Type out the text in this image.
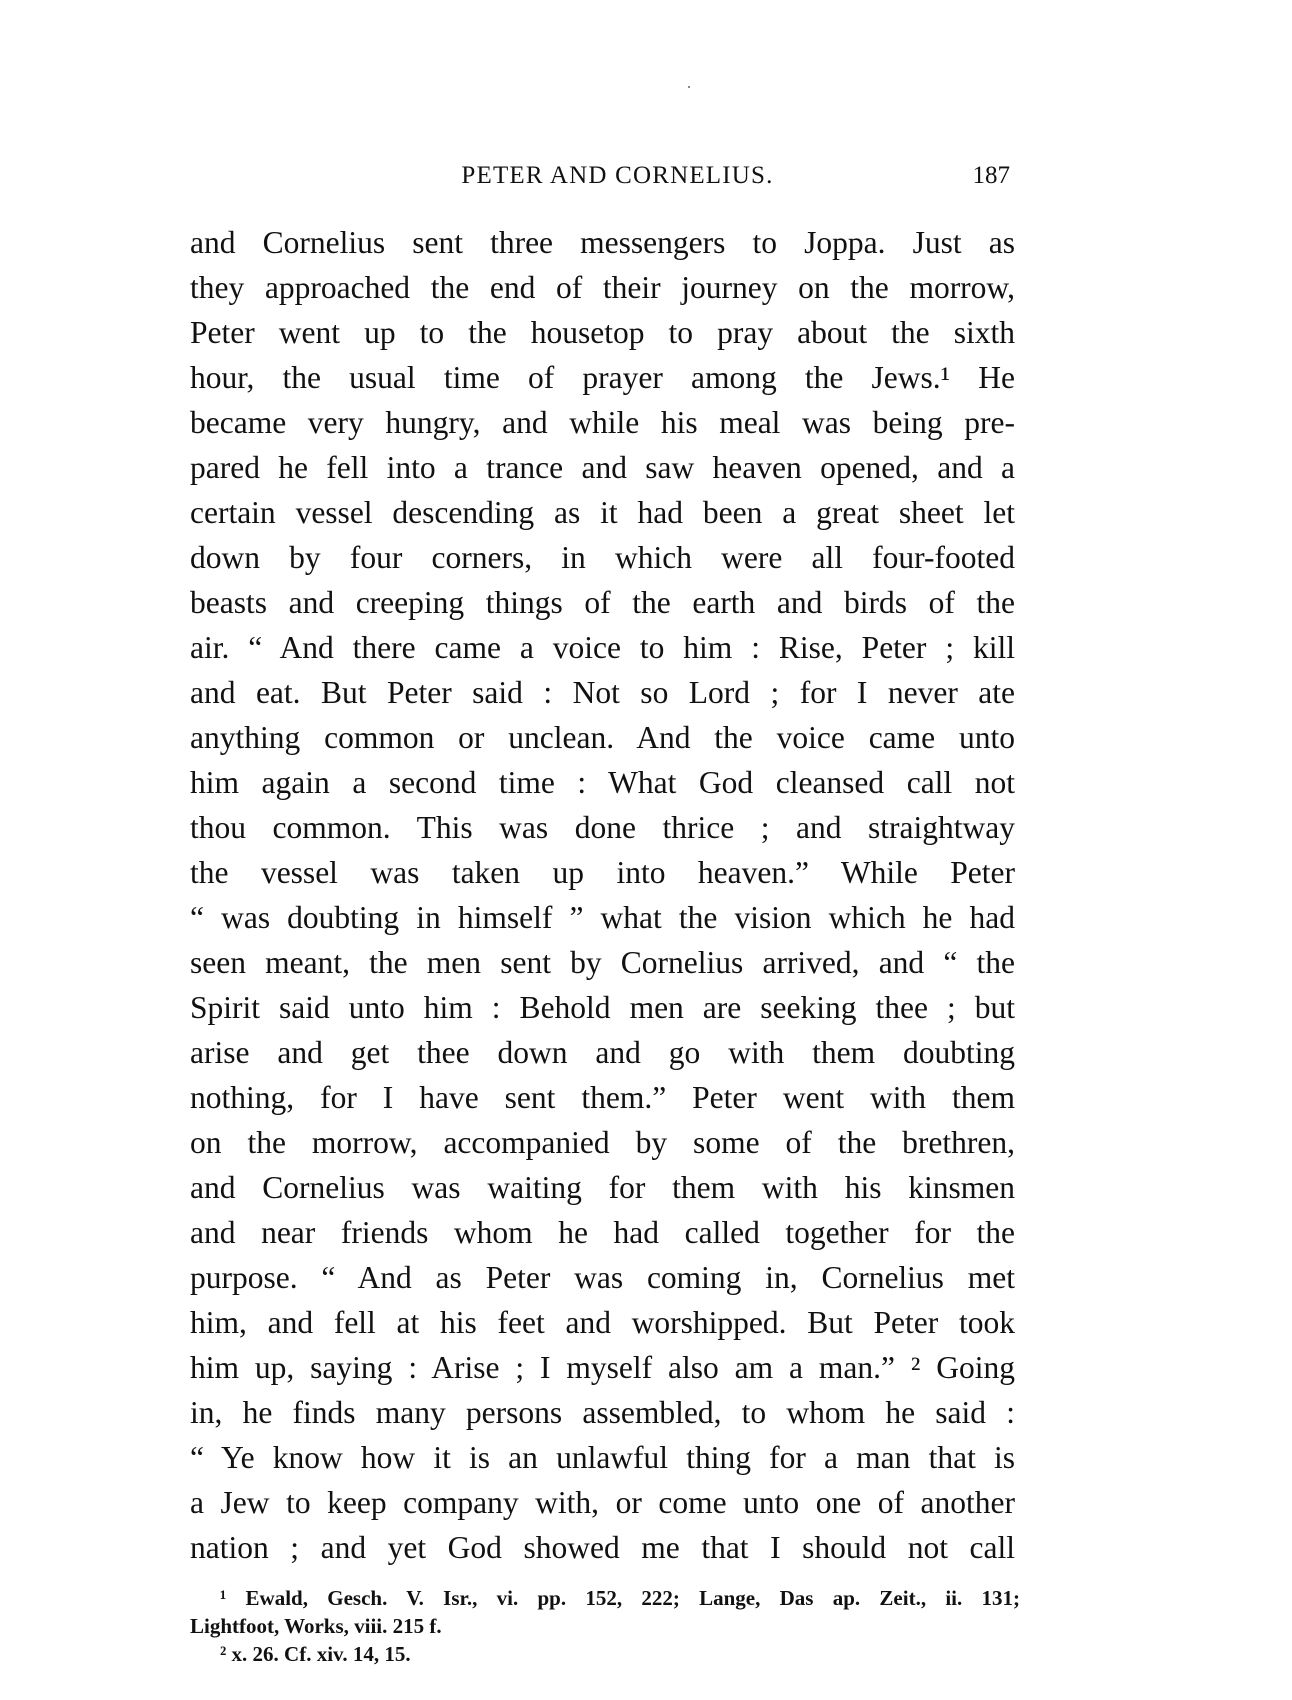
PETER AND CORNELIUS.	187
and Cornelius sent three messengers to Joppa. Just as
they approached the end of their journey on the morrow,
Peter went up to the housetop to pray about the sixth
hour, the usual time of prayer among the Jews.¹ He
became very hungry, and while his meal was being pre-
pared he fell into a trance and saw heaven opened, and a
certain vessel descending as it had been a great sheet let
down by four corners, in which were all four-footed
beasts and creeping things of the earth and birds of the
air. “ And there came a voice to him : Rise, Peter ; kill
and eat. But Peter said : Not so Lord ; for I never ate
anything common or unclean. And the voice came unto
him again a second time : What God cleansed call not
thou common. This was done thrice ; and straightway
the vessel was taken up into heaven.” While Peter
“ was doubting in himself ” what the vision which he had
seen meant, the men sent by Cornelius arrived, and “ the
Spirit said unto him : Behold men are seeking thee ; but
arise and get thee down and go with them doubting
nothing, for I have sent them.” Peter went with them
on the morrow, accompanied by some of the brethren,
and Cornelius was waiting for them with his kinsmen
and near friends whom he had called together for the
purpose. “ And as Peter was coming in, Cornelius met
him, and fell at his feet and worshipped. But Peter took
him up, saying : Arise ; I myself also am a man.” ² Going
in, he finds many persons assembled, to whom he said :
“ Ye know how it is an unlawful thing for a man that is
a Jew to keep company with, or come unto one of another
nation ; and yet God showed me that I should not call
¹ Ewald, Gesch. V. Isr., vi. pp. 152, 222; Lange, Das ap. Zeit., ii. 131;
Lightfoot, Works, viii. 215 f.
² x. 26. Cf. xiv. 14, 15.
